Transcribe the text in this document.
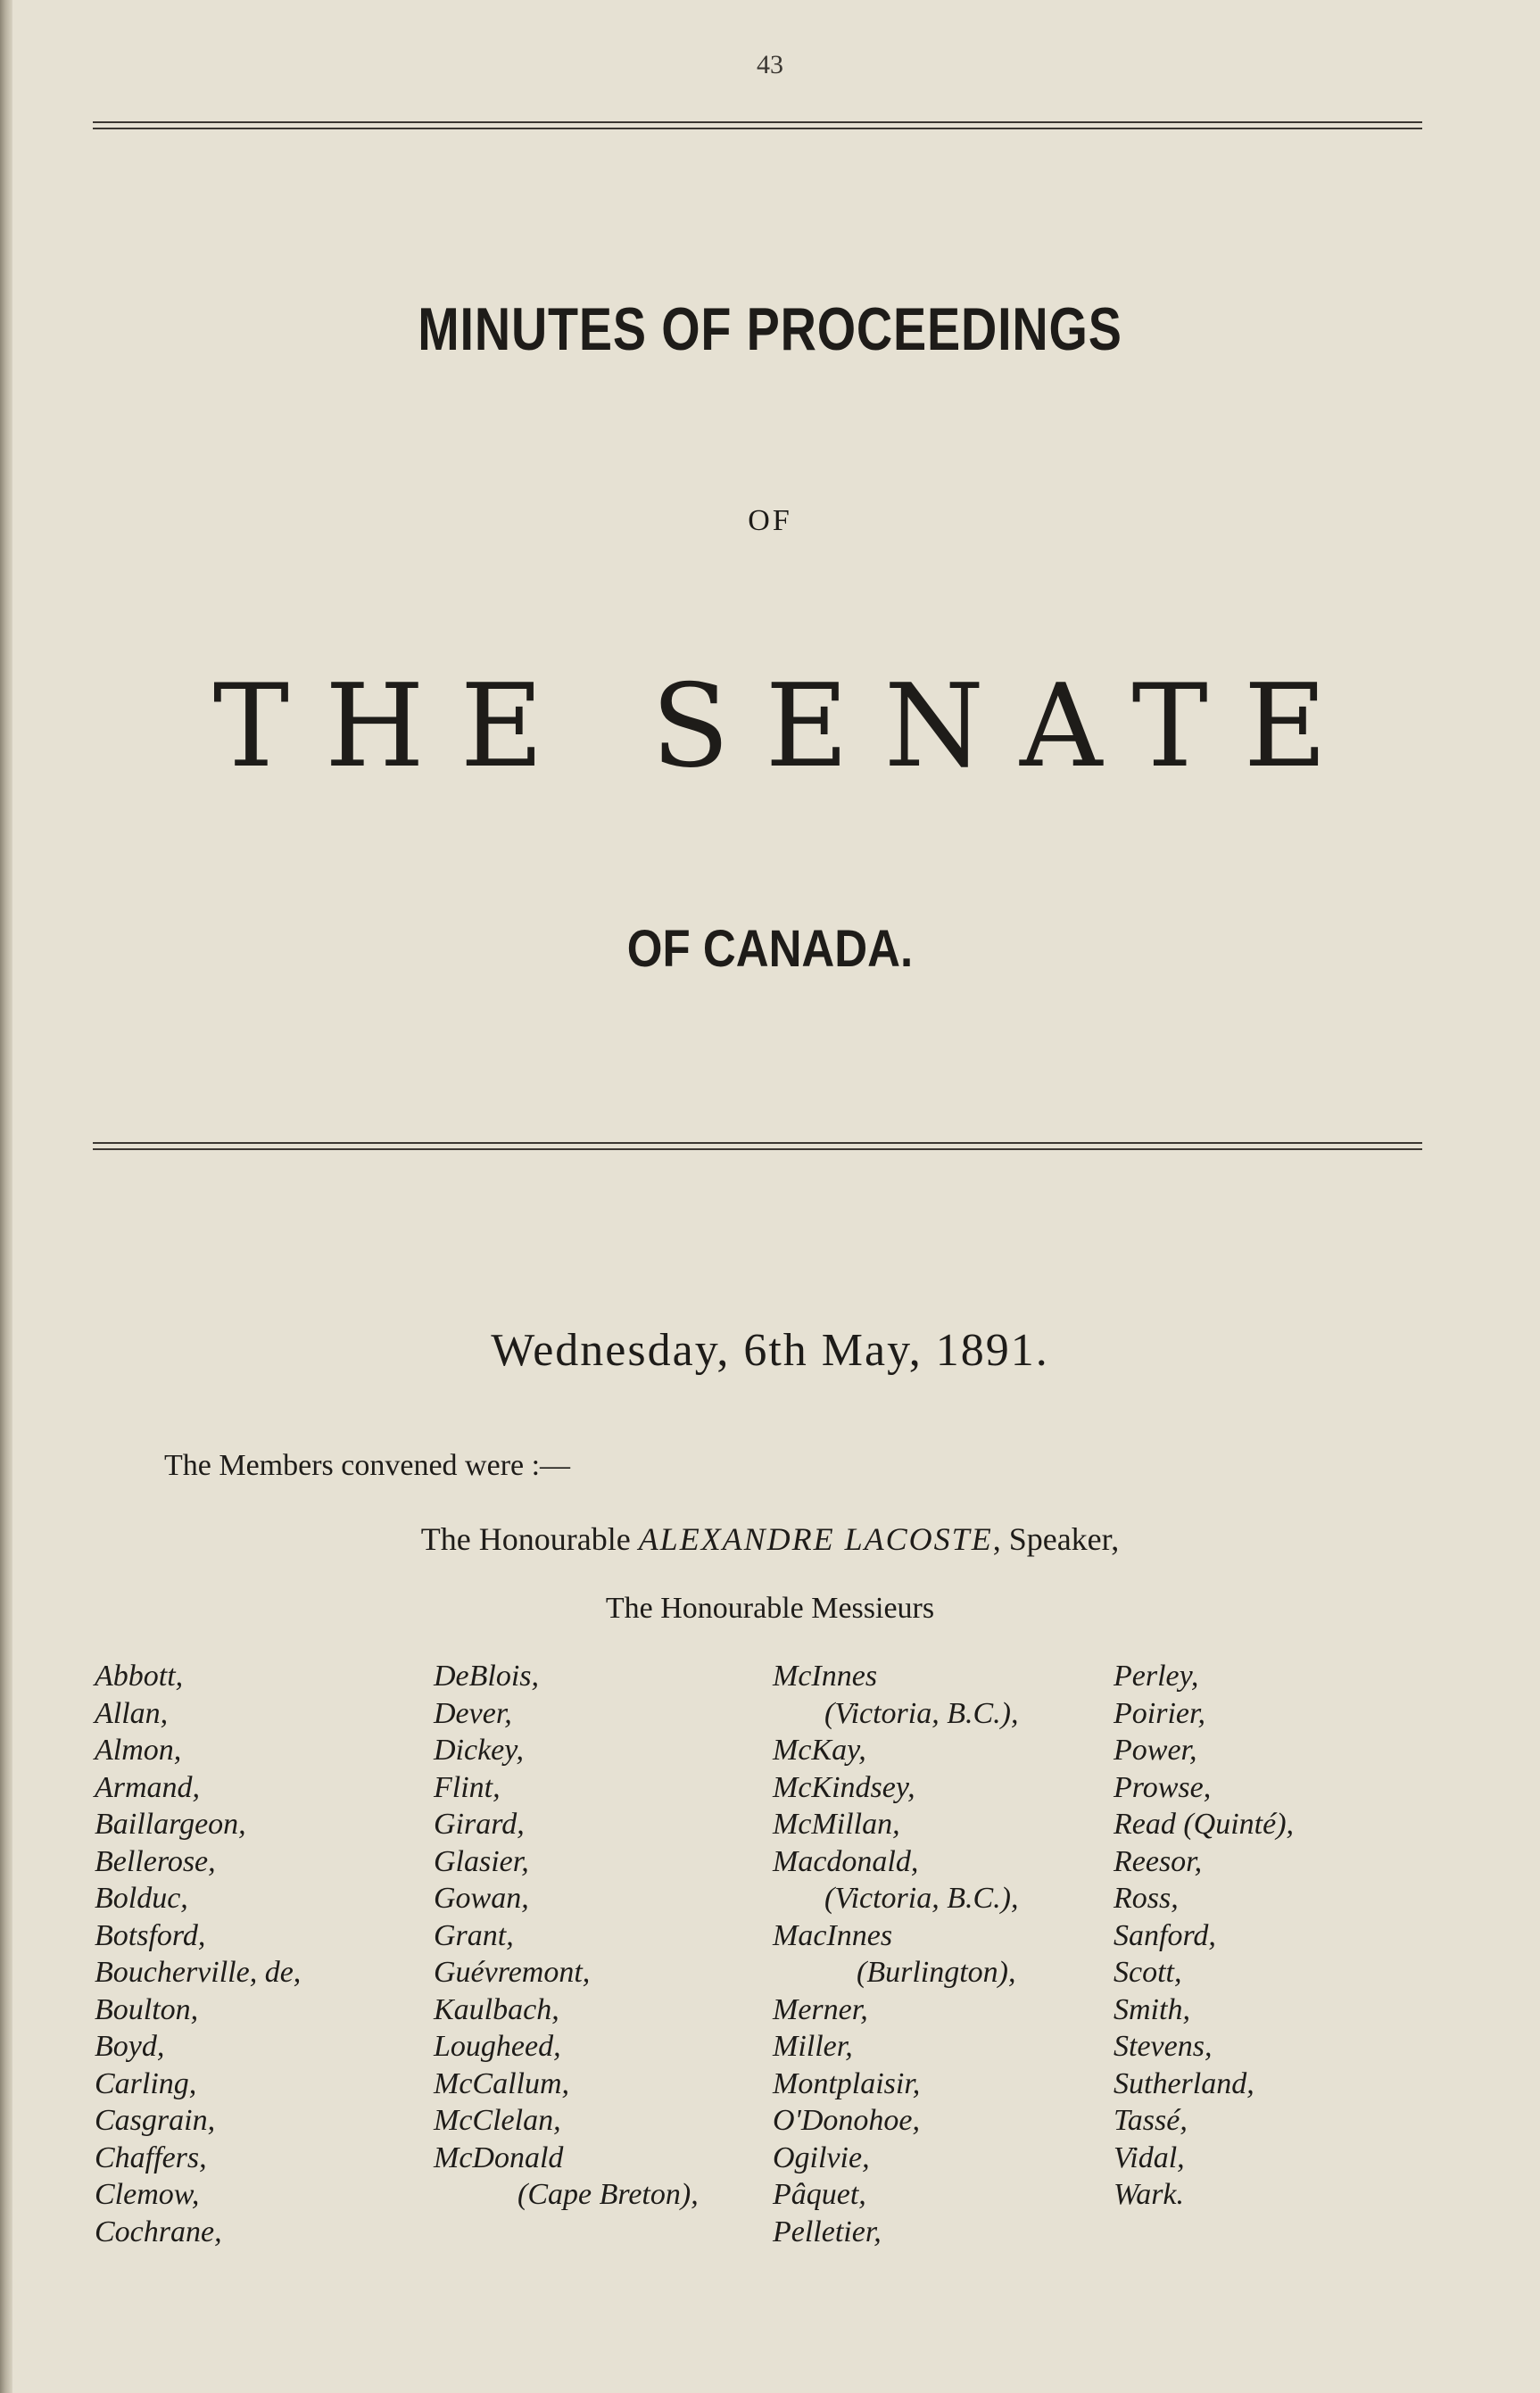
43
MINUTES OF PROCEEDINGS
OF
THE SENATE
OF CANADA.
Wednesday, 6th May, 1891.
The Members convened were :—
The Honourable ALEXANDRE LACOSTE, Speaker,
The Honourable Messieurs
Abbott,
Allan,
Almon,
Armand,
Baillargeon,
Bellerose,
Bolduc,
Botsford,
Boucherville, de,
Boulton,
Boyd,
Carling,
Casgrain,
Chaffers,
Clemow,
Cochrane,
DeBlois,
Dever,
Dickey,
Flint,
Girard,
Glasier,
Gowan,
Grant,
Guévremont,
Kaulbach,
Lougheed,
McCallum,
McClelan,
McDonald
(Cape Breton),
McInnes
(Victoria, B.C.),
McKay,
McKindsey,
McMillan,
Macdonald,
(Victoria, B.C.),
MacInnes
(Burlington),
Merner,
Miller,
Montplaisir,
O'Donohoe,
Ogilvie,
Pâquet,
Pelletier,
Perley,
Poirier,
Power,
Prowse,
Read (Quinté),
Reesor,
Ross,
Sanford,
Scott,
Smith,
Stevens,
Sutherland,
Tassé,
Vidal,
Wark.
